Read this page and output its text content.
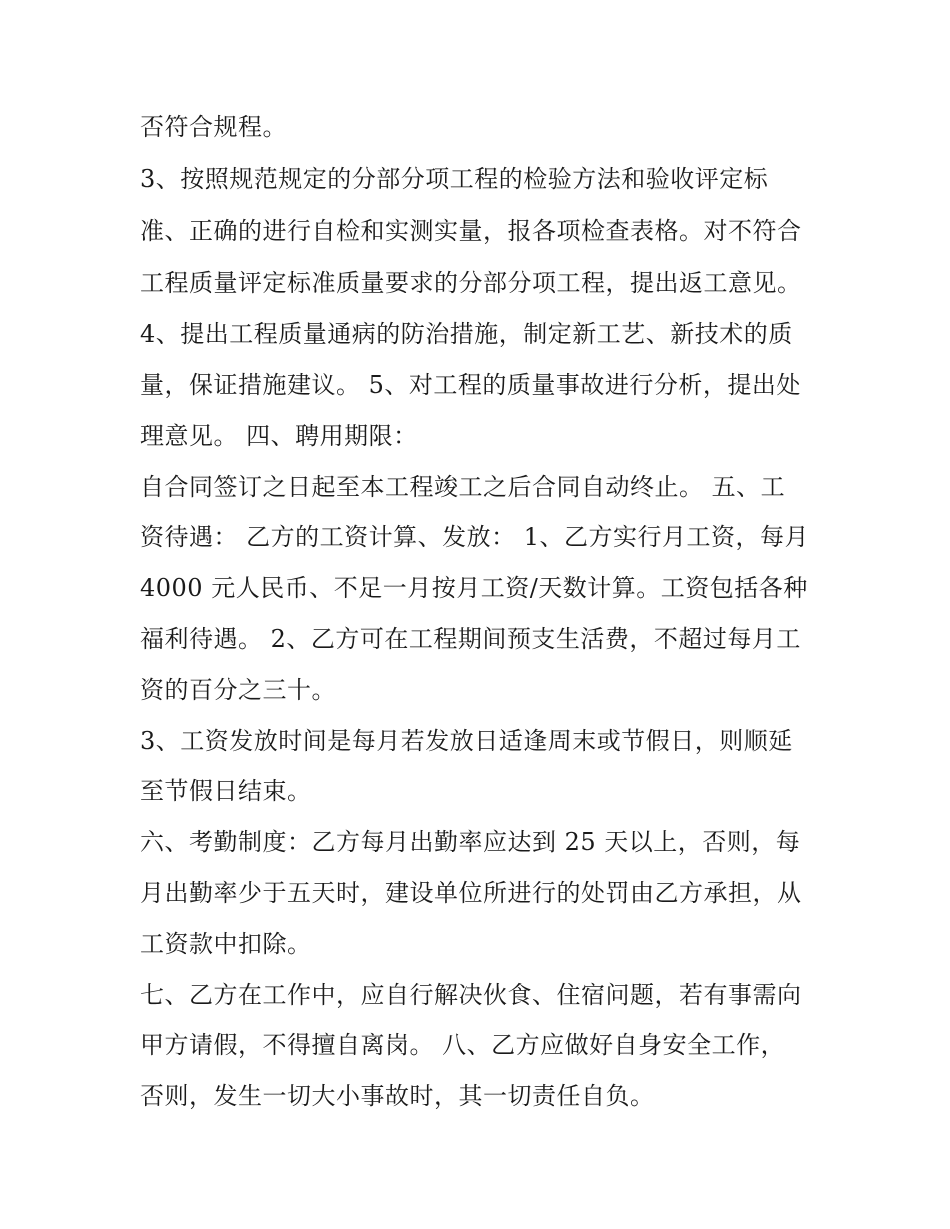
否符合规程。
3、按照规范规定的分部分项工程的检验方法和验收评定标
准、正确的进行自检和实测实量，报各项检查表格。对不符合
工程质量评定标准质量要求的分部分项工程，提出返工意见。
4、提出工程质量通病的防治措施，制定新工艺、新技术的质
量，保证措施建议。 5、对工程的质量事故进行分析，提出处
理意见。 四、聘用期限：
自合同签订之日起至本工程竣工之后合同自动终止。 五、工
资待遇： 乙方的工资计算、发放： 1、乙方实行月工资，每月
4000 元人民币、不足一月按月工资/天数计算。工资包括各种
福利待遇。 2、乙方可在工程期间预支生活费，不超过每月工
资的百分之三十。
3、工资发放时间是每月若发放日适逢周末或节假日，则顺延
至节假日结束。
六、考勤制度：乙方每月出勤率应达到 25 天以上，否则，每
月出勤率少于五天时，建设单位所进行的处罚由乙方承担，从
工资款中扣除。
七、乙方在工作中，应自行解决伙食、住宿问题，若有事需向
甲方请假，不得擅自离岗。 八、乙方应做好自身安全工作，
否则，发生一切大小事故时，其一切责任自负。
